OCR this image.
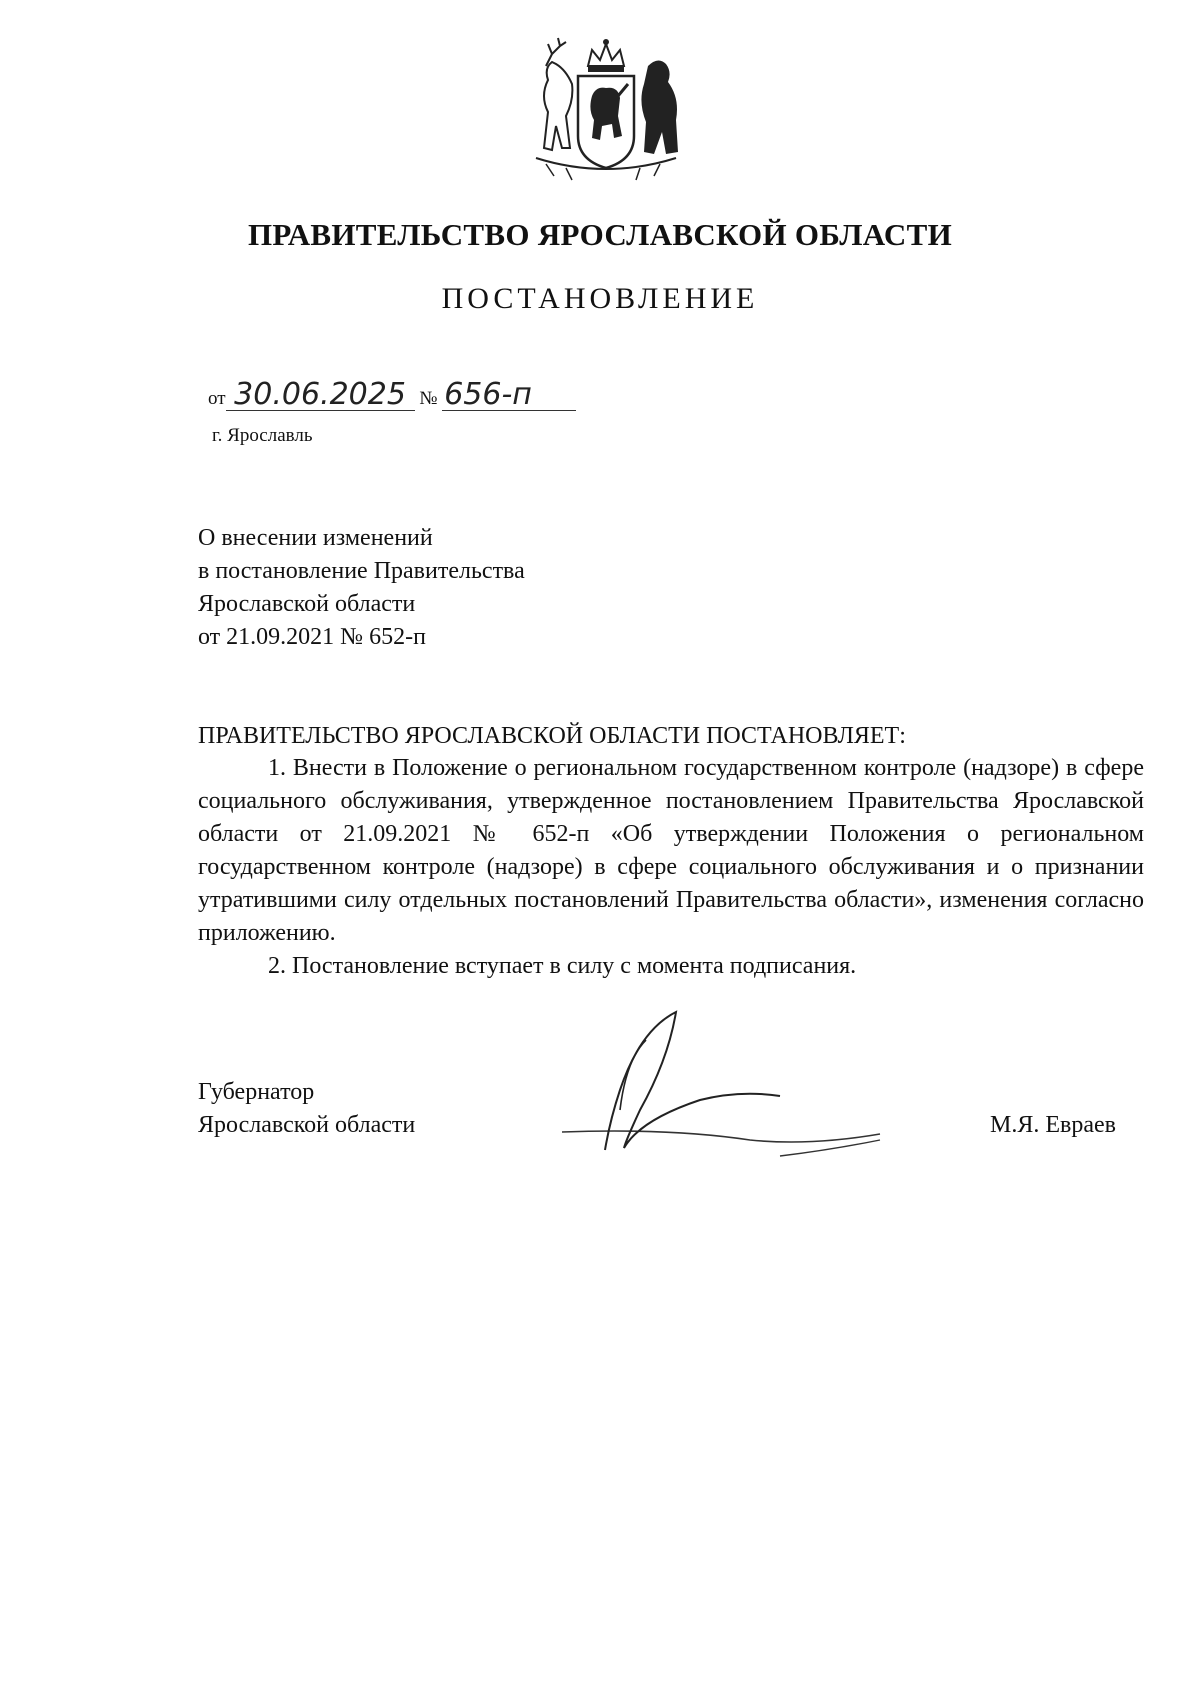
ПРАВИТЕЛЬСТВО ЯРОСЛАВСКОЙ ОБЛАСТИ
ПОСТАНОВЛЕНИЕ
от 30.06.2025 № 656-п
г. Ярославль
О внесении изменений
в постановление Правительства
Ярославской области
от 21.09.2021 № 652-п
ПРАВИТЕЛЬСТВО ЯРОСЛАВСКОЙ ОБЛАСТИ ПОСТАНОВЛЯЕТ:
1. Внести в Положение о региональном государственном контроле (надзоре) в сфере социального обслуживания, утвержденное постановлением Правительства Ярославской области от 21.09.2021 № 652-п «Об утверждении Положения о региональном государственном контроле (надзоре) в сфере социального обслуживания и о признании утратившими силу отдельных постановлений Правительства области», изменения согласно приложению.
2. Постановление вступает в силу с момента подписания.
Губернатор
Ярославской области	М.Я. Евраев
